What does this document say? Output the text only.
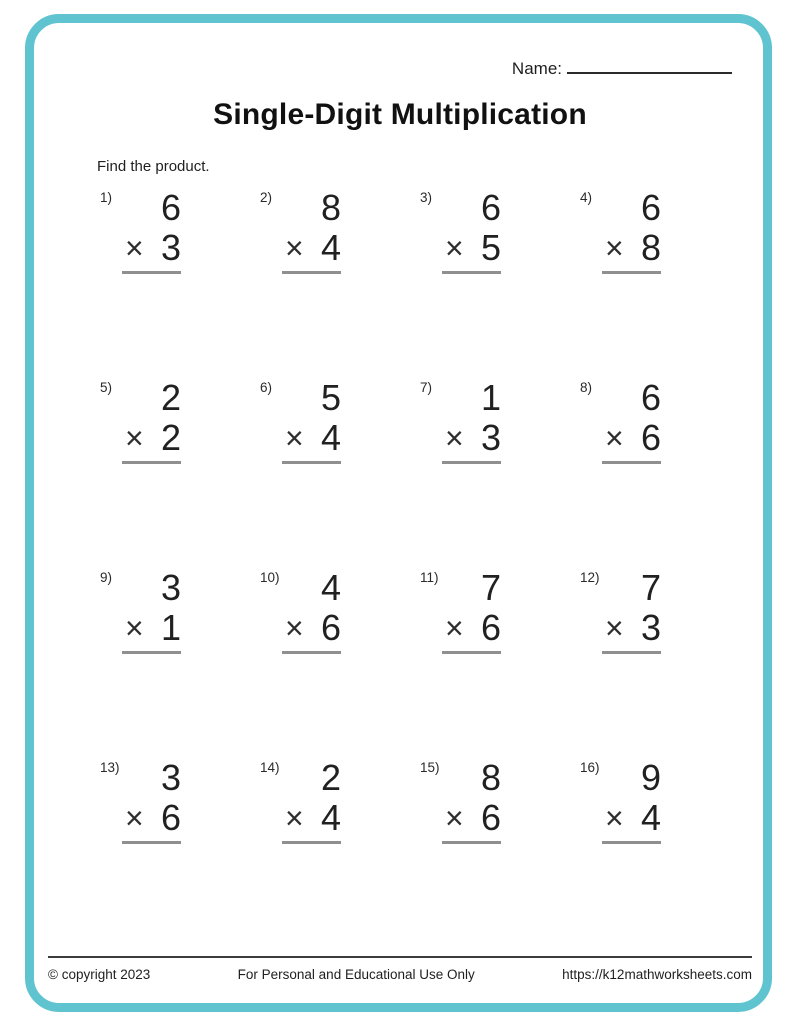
Name:
Single-Digit Multiplication
Find the product.
1)	6
× 3
2)	8
× 4
3)	6
× 5
4)	6
× 8
5)	2
× 2
6)	5
× 4
7)	1
× 3
8)	6
× 6
9)	3
× 1
10)	4
× 6
11)	7
× 6
12)	7
× 3
13)	3
× 6
14)	2
× 4
15)	8
× 6
16)	9
× 4
© copyright 2023	For Personal and Educational Use Only	https://k12mathworksheets.com
